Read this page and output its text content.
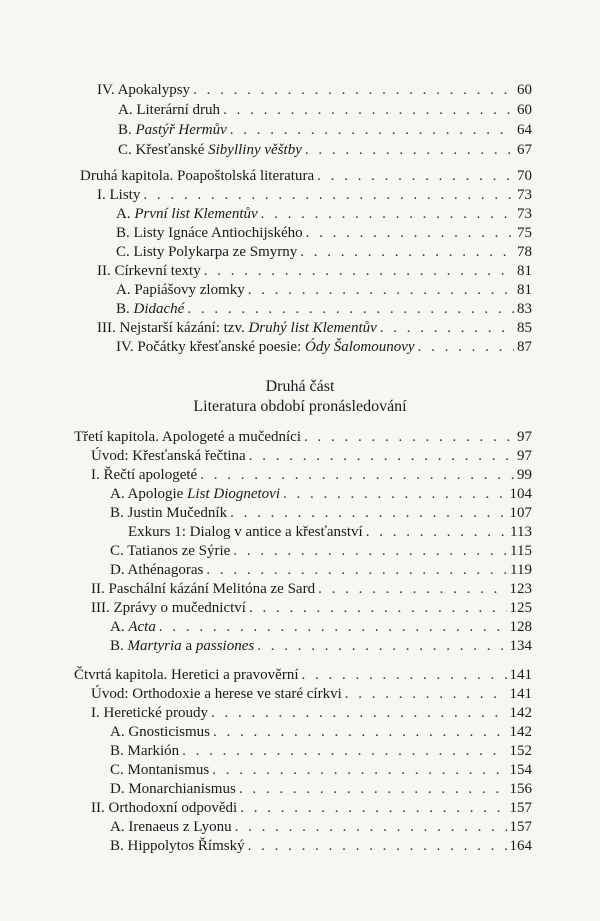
IV. Apokalypsy . . .	60
A. Literární druh . . .	60
B. Pastýř Hermův . . .	64
C. Křesťanské Sibylliny věštby . . .	67
Druhá kapitola. Poapoštolská literatura . . .	70
I. Listy . . .	73
A. První list Klementův . . .	73
B. Listy Ignáce Antiochijského . . .	75
C. Listy Polykarpa ze Smyrny . . .	78
II. Církevní texty . . .	81
A. Papiášovy zlomky . . .	81
B. Didaché . . .	83
III. Nejstarší kázání: tzv. Druhý list Klementův . . .	85
IV. Počátky křesťanské poesie: Ódy Šalomounovy . . .	87
Druhá část
Literatura období pronásledování
Třetí kapitola. Apologeté a mučedníci . . .	97
Úvod: Křesťanská řečtina . . .	97
I. Řečtí apologeté . . .	99
A. Apologie List Diognetovi . . .	104
B. Justin Mučedník . . .	107
Exkurs 1: Dialog v antice a křesťanství . . .	113
C. Tatianos ze Sýrie . . .	115
D. Athénagoras . . .	119
II. Paschální kázání Melitóna ze Sard . . .	123
III. Zprávy o mučednictví . . .	125
A. Acta . . .	128
B. Martyria a passiones . . .	134
Čtvrtá kapitola. Heretici a pravověrní . . .	141
Úvod: Orthodoxie a herese ve staré církvi . . .	141
I. Heretické proudy . . .	142
A. Gnosticismus . . .	142
B. Markión . . .	152
C. Montanismus . . .	154
D. Monarchianismus . . .	156
II. Orthodoxní odpovědi . . .	157
A. Irenaeus z Lyonu . . .	157
B. Hippolytos Římský . . .	164
